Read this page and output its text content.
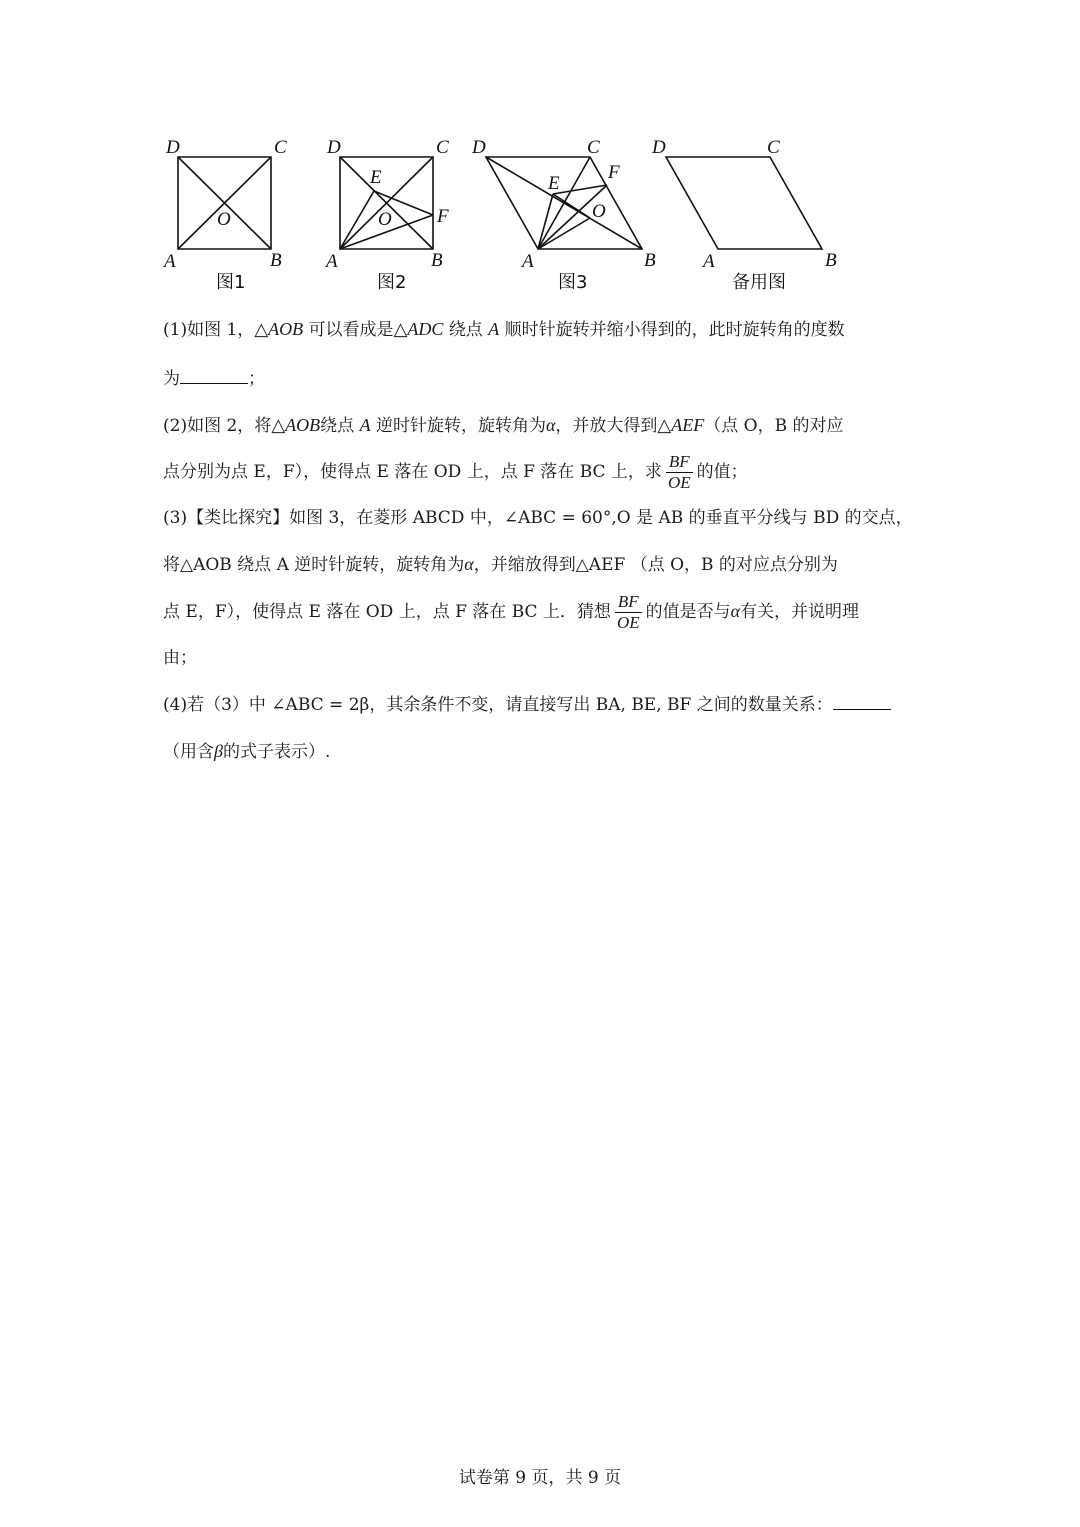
D	C
A	B
O
图1
D	C
A	B
E
O F
图2
D	C
A	B
E
O
F
图3
D	C
A	B
备用图

(1)如图 1，△AOB 可以看成是△ADC 绕点 A 顺时针旋转并缩小得到的，此时旋转角的度数

为	；

(2)如图 2，将△AOB绕点 A 逆时针旋转，旋转角为α，并放大得到△AEF（点 O，B 的对应

点分别为点 E，F），使得点 E 落在 OD 上，点 F 落在 BC 上，求 $\frac{BF}{OE}$ 的值；

(3)【类比探究】如图 3，在菱形 ABCD 中，∠ABC = 60°,O 是 AB 的垂直平分线与 BD 的交点，

将△AOB 绕点 A 逆时针旋转，旋转角为α，并缩放得到△AEF （点 O，B 的对应点分别为

点 E，F），使得点 E 落在 OD 上，点 F 落在 BC 上．猜想 $\frac{BF}{OE}$ 的值是否与α有关，并说明理

由；

(4)若（3）中 ∠ABC = 2β，其余条件不变，请直接写出 BA, BE, BF 之间的数量关系：

（用含β的式子表示）.

试卷第 9 页，共 9 页
